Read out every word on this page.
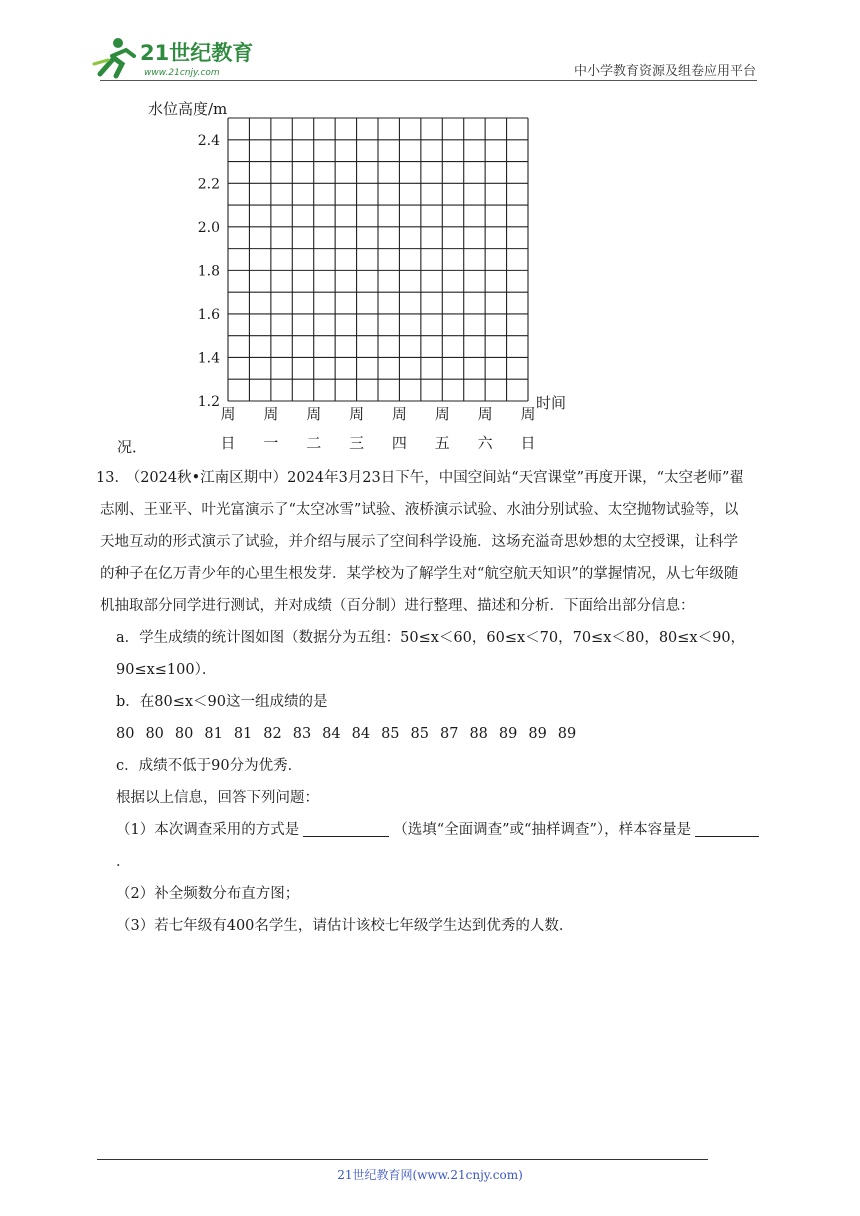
21世纪教育
www.21cnjy.com	中小学教育资源及组卷应用平台
水位高度/m
1.2
1.4
1.6
1.8
2.0
2.2
2.4
周
日
周
一
周
二
周
三
周
四
周
五
周
六
周
日
时间
况．

13． （2024秋•江南区期中）2024年3月23日下午，中国空间站“天宫课堂”再度开课，“太空老师”翟志刚、王亚平、叶光富演示了“太空冰雪”试验、液桥演示试验、水油分别试验、太空抛物试验等，以天地互动的形式演示了试验，并介绍与展示了空间科学设施．这场充溢奇思妙想的太空授课，让科学的种子在亿万青少年的心里生根发芽．某学校为了解学生对“航空航天知识”的掌握情况，从七年级随机抽取部分同学进行测试，并对成绩（百分制）进行整理、描述和分析．下面给出部分信息：

a．学生成绩的统计图如图（数据分为五组：50≤x＜60，60≤x＜70，70≤x＜80，80≤x＜90，90≤x≤100）．

b．在80≤x＜90这一组成绩的是

80 80 80 81 81 82 83 84 84 85 85 87 88 89 89 89

c．成绩不低于90分为优秀．

根据以上信息，回答下列问题：

（1）本次调查采用的方式是	（选填“全面调查”或“抽样调查”），样本容量是．

（2）补全频数分布直方图；

（3）若七年级有400名学生，请估计该校七年级学生达到优秀的人数．

21世纪教育网(www.21cnjy.com)
